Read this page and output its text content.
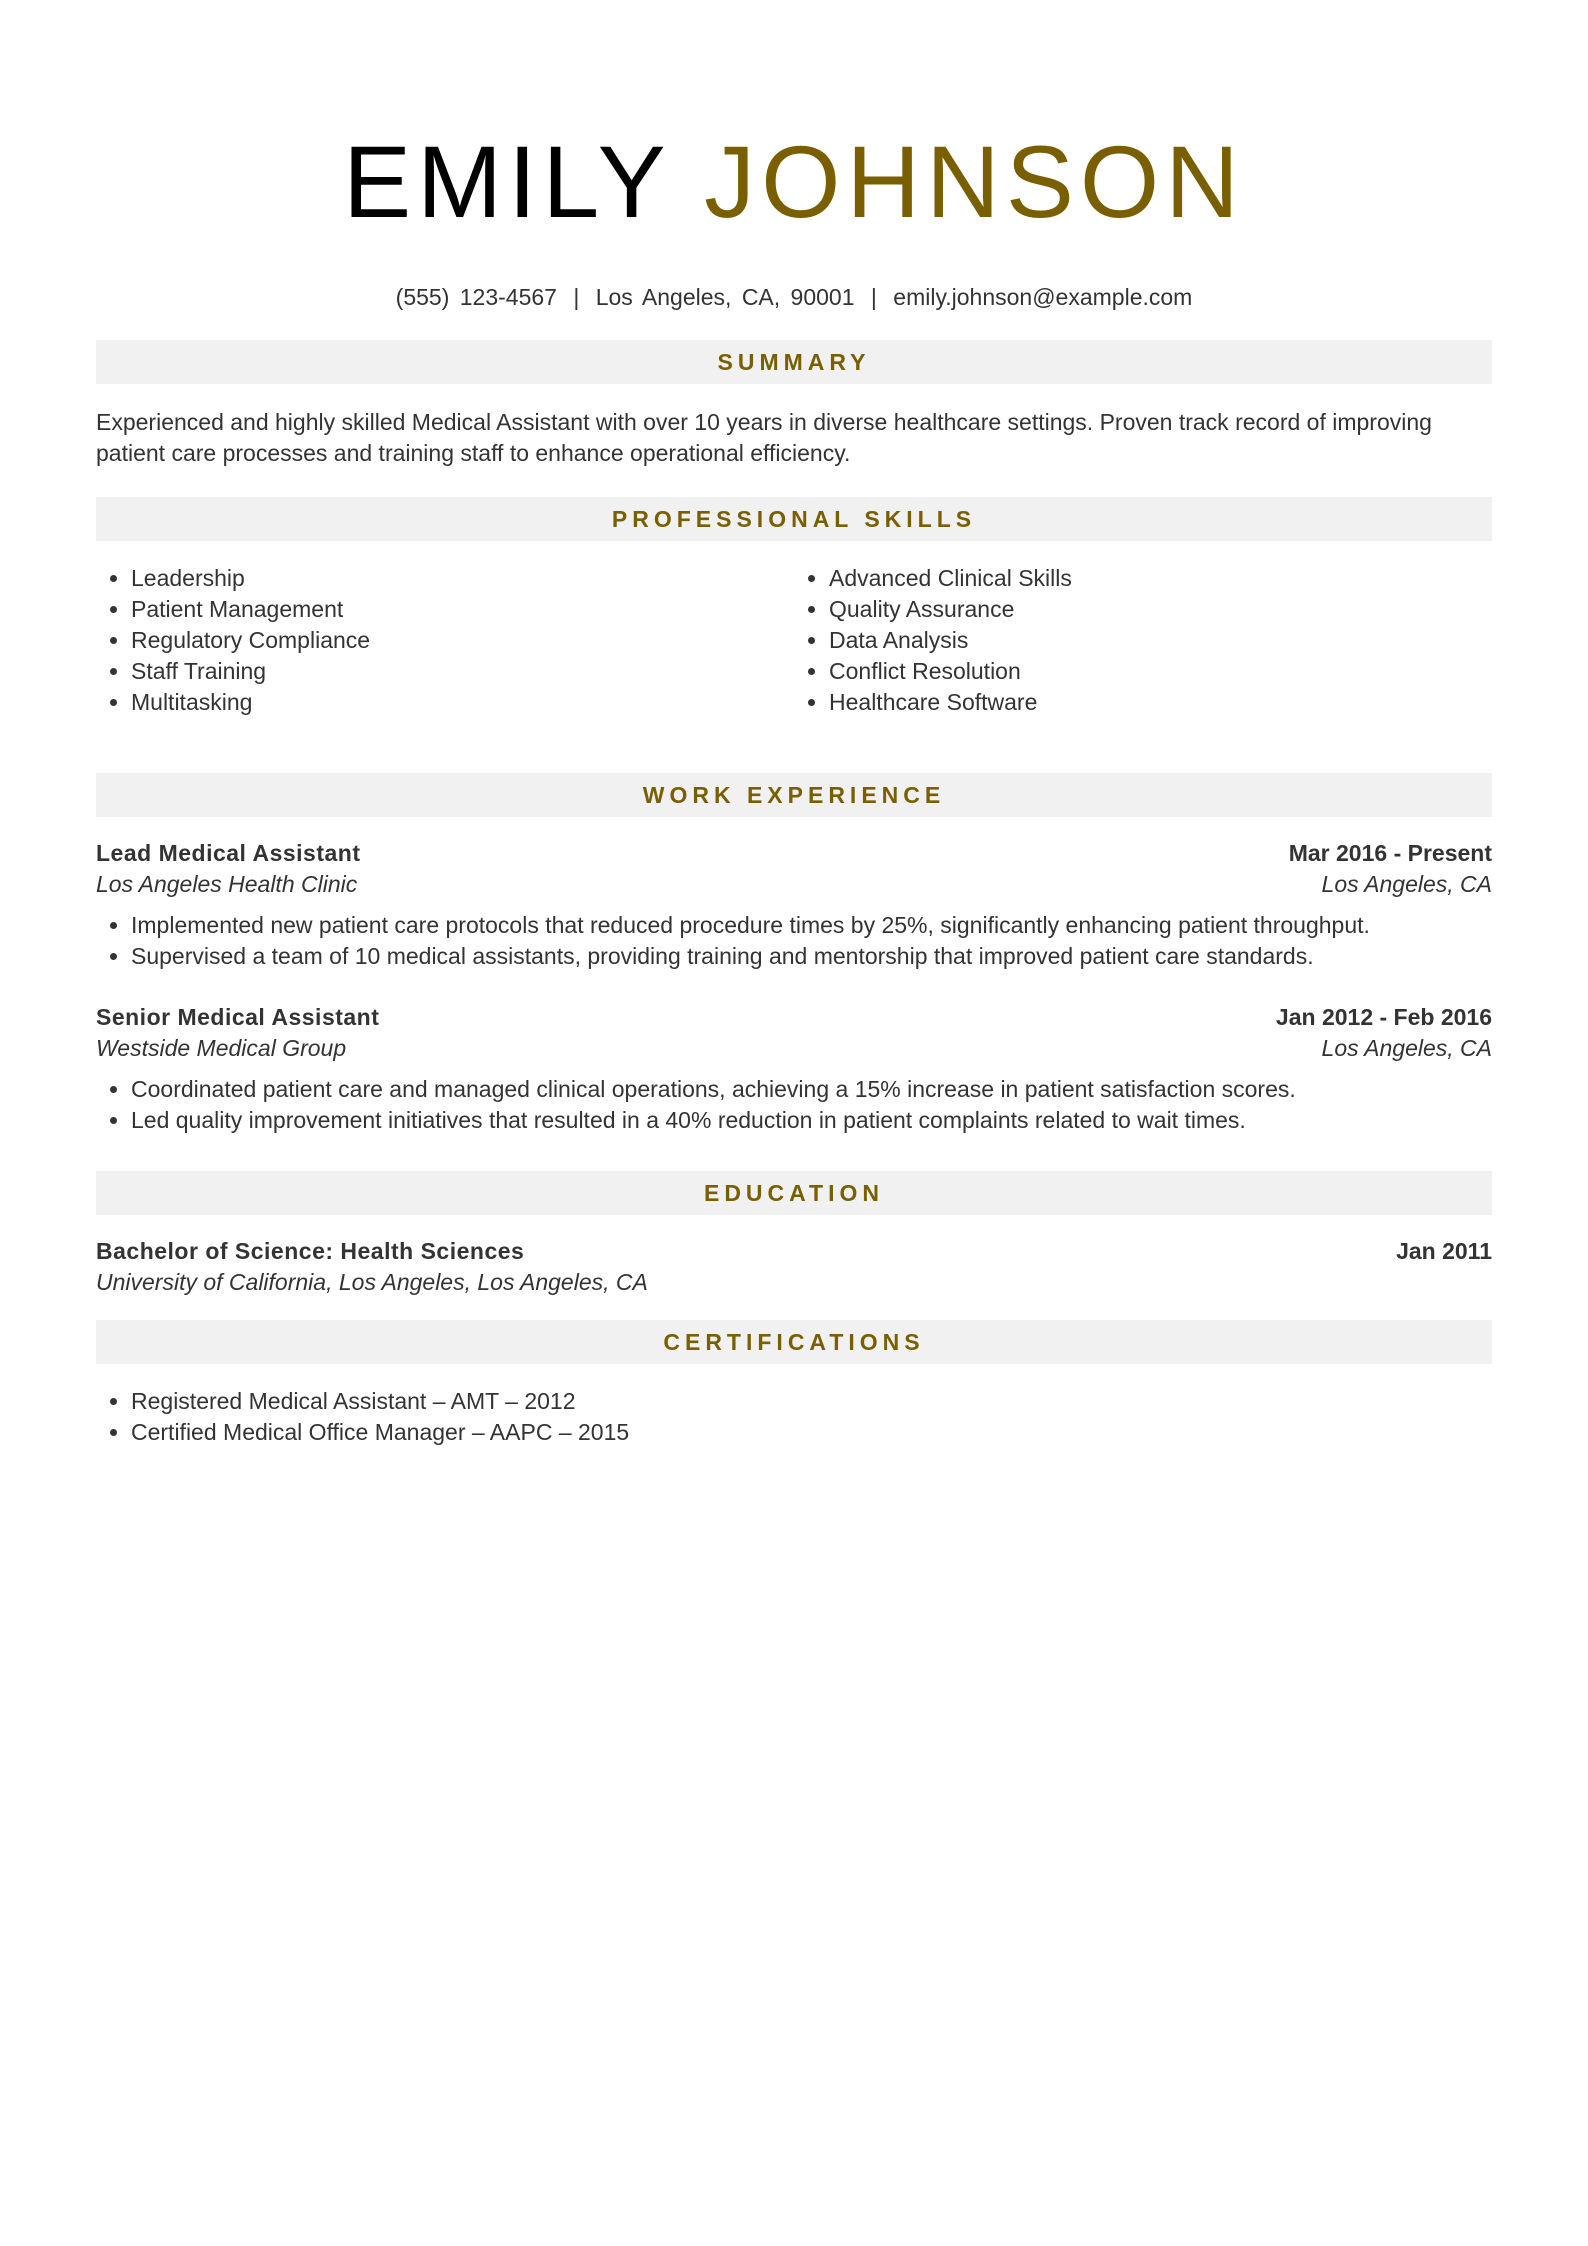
EMILY JOHNSON
(555) 123-4567 | Los Angeles, CA, 90001 | emily.johnson@example.com
SUMMARY

Experienced and highly skilled Medical Assistant with over 10 years in diverse healthcare settings. Proven track record of improving patient care processes and training staff to enhance operational efficiency.

PROFESSIONAL SKILLS
• Leadership
• Patient Management
• Regulatory Compliance
• Staff Training
• Multitasking
• Advanced Clinical Skills
• Quality Assurance
• Data Analysis
• Conflict Resolution
• Healthcare Software
WORK EXPERIENCE
Lead Medical Assistant	Mar 2016 - Present
Los Angeles Health Clinic	Los Angeles, CA
• Implemented new patient care protocols that reduced procedure times by 25%, significantly enhancing patient throughput.
• Supervised a team of 10 medical assistants, providing training and mentorship that improved patient care standards.
Senior Medical Assistant	Jan 2012 - Feb 2016
Westside Medical Group	Los Angeles, CA
• Coordinated patient care and managed clinical operations, achieving a 15% increase in patient satisfaction scores.
• Led quality improvement initiatives that resulted in a 40% reduction in patient complaints related to wait times.
EDUCATION
Bachelor of Science: Health Sciences	Jan 2011
University of California, Los Angeles, Los Angeles, CA
CERTIFICATIONS
• Registered Medical Assistant – AMT – 2012
• Certified Medical Office Manager – AAPC – 2015
